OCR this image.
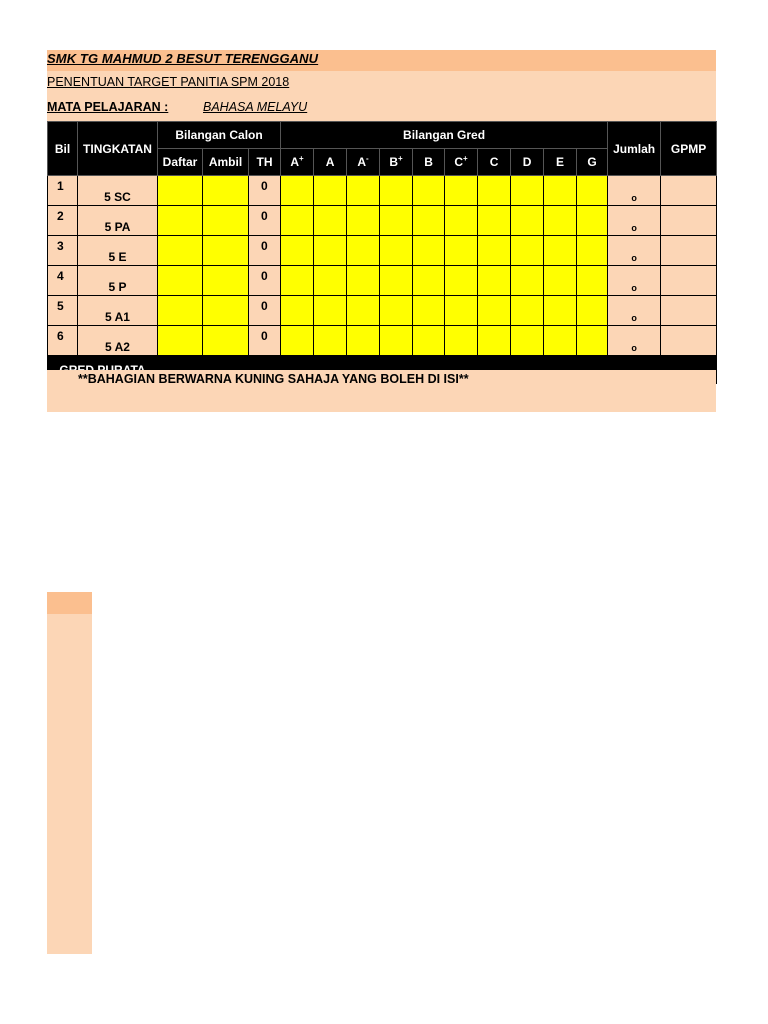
SMK TG MAHMUD 2 BESUT TERENGGANU
PENENTUAN TARGET PANITIA SPM 2018
MATA PELAJARAN :	BAHASA MELAYU
Bil	TINGKATAN	Bilangan Calon			Bilangan Gred										Jumlah	GPMP
		Daftar	Ambil	TH	A+	A	A-	B+	B	C+	C	D	E	G		
1	5 SC			0											o	
2	5 PA			0											o	
3	5 E			0											o	
4	5 P			0											o	
5	5 A1			0											o	
6	5 A2			0											o	

**BAHAGIAN BERWARNA KUNING SAHAJA YANG BOLEH DI ISI**
